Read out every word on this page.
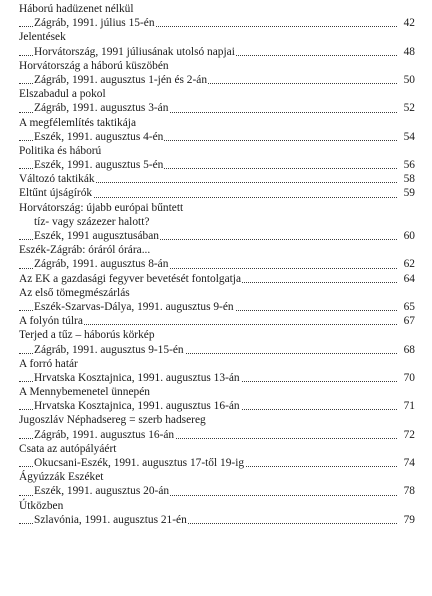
Háború hadüzenet nélkül
Zágráb, 1991. július 15-én	42
Jelentések
Horvátország, 1991 júliusának utolsó napjai	48
Horvátország a háború küszöbén
Zágráb, 1991. augusztus 1-jén és 2-án	50
Elszabadul a pokol
Zágráb, 1991. augusztus 3-án	52
A megfélemlítés taktikája
Eszék, 1991. augusztus 4-én	54
Politika és háború
Eszék, 1991. augusztus 5-én	56
Változó taktikák	58
Eltűnt újságírók	59
Horvátország: újabb európai bűntett
tíz- vagy százezer halott?
Eszék, 1991 augusztusában	60
Eszék-Zágráb: óráról órára...
Zágráb, 1991. augusztus 8-án	62
Az EK a gazdasági fegyver bevetését fontolgatja	64
Az első tömegmészárlás
Eszék-Szarvas-Dálya, 1991. augusztus 9-én	65
A folyón túlra	67
Terjed a tűz – háborús körkép
Zágráb, 1991. augusztus 9-15-én	68
A forró határ
Hrvatska Kosztajnica, 1991. augusztus 13-án	70
A Mennybemenetel ünnepén
Hrvatska Kosztajnica, 1991. augusztus 16-án	71
Jugoszláv Néphadsereg = szerb hadsereg
Zágráb, 1991. augusztus 16-án	72
Csata az autópályáért
Okucsani-Eszék, 1991. augusztus 17-től 19-ig	74
Ágyúzzák Eszéket
Eszék, 1991. augusztus 20-án	78
Útközben
Szlavónia, 1991. augusztus 21-én	79
